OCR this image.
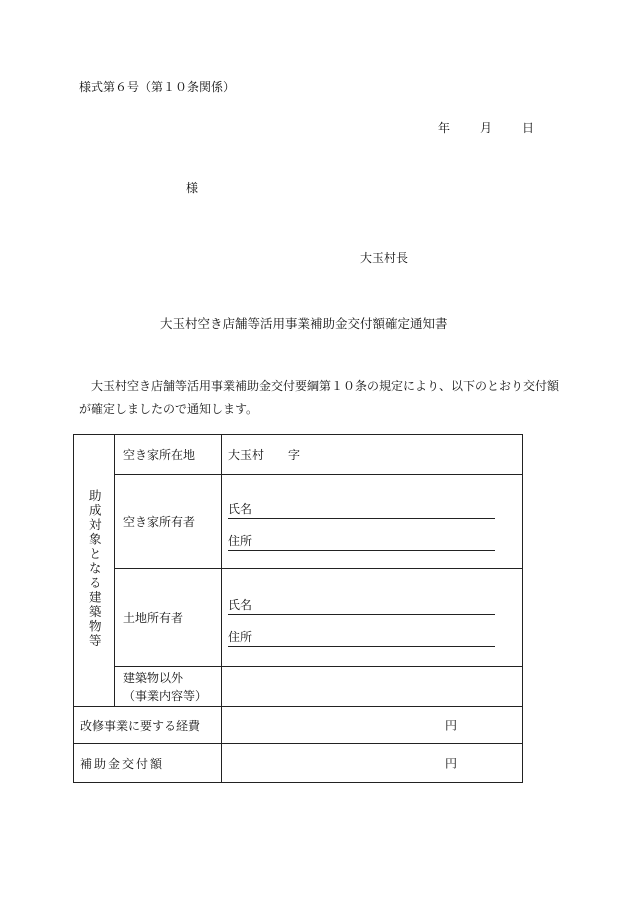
様式第６号（第１０条関係）
年	月	日
様
大玉村長
大玉村空き店舗等活用事業補助金交付額確定通知書
大玉村空き店舗等活用事業補助金交付要綱第１０条の規定により、以下のとおり交付額が確定しましたので通知します。
助成対象となる建築物等	空き家所在地	大玉村 字
	空き家所有者	氏名
住所

	土地所有者	氏名
住所

	建築物以外
（事業内容等）	

改修事業に要する経費		円

補助金交付額		円
